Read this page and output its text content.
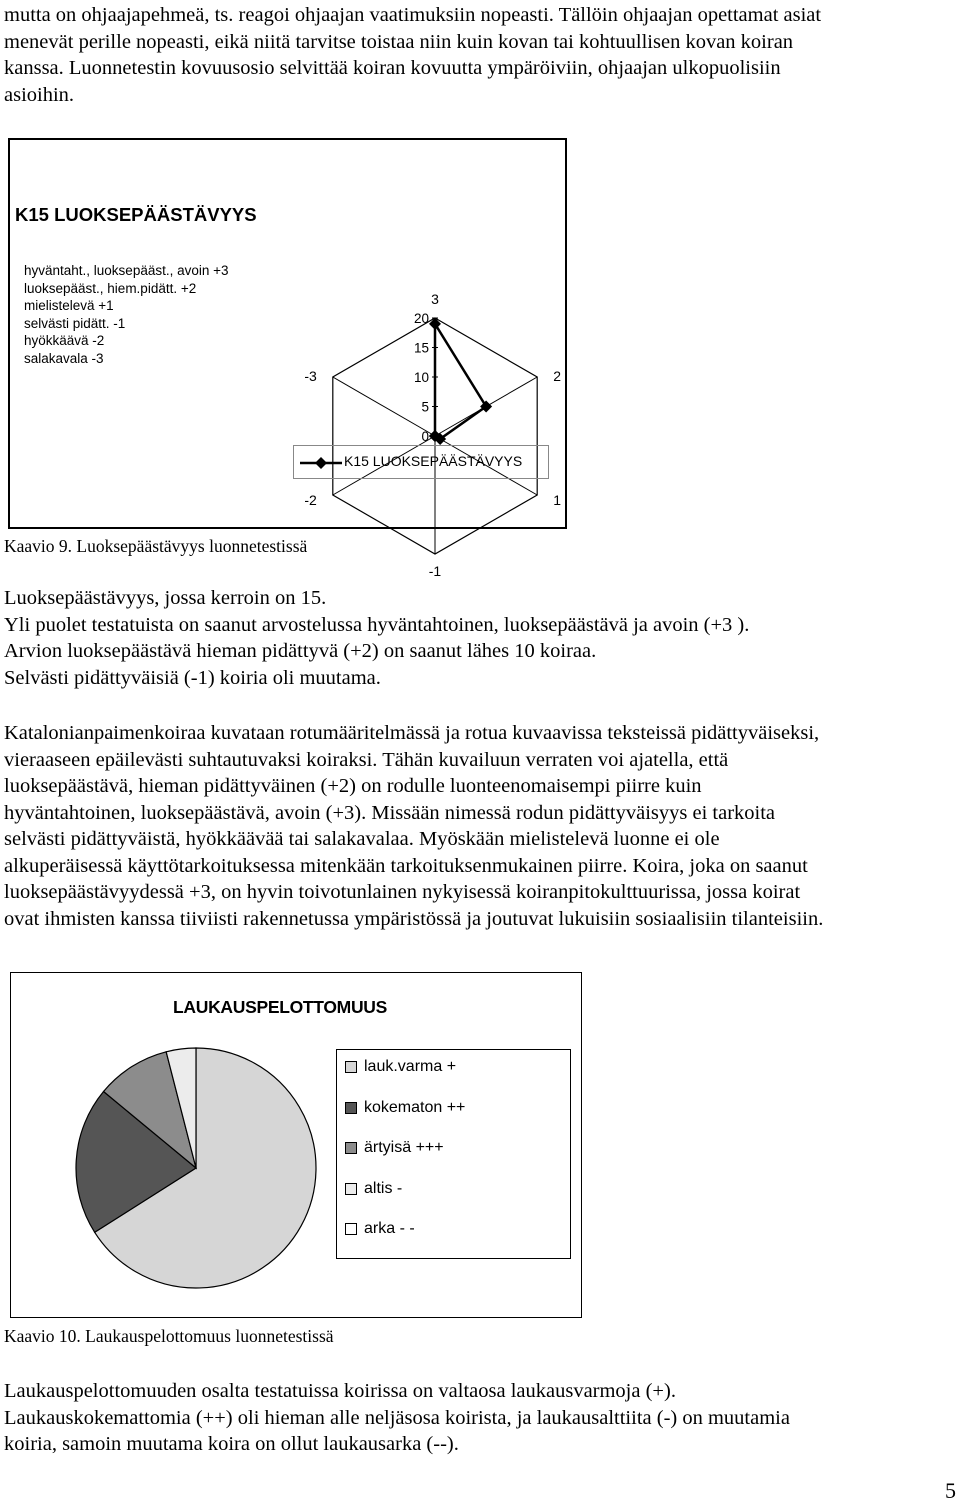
mutta on ohjaajapehmeä, ts. reagoi ohjaajan vaatimuksiin nopeasti. Tällöin ohjaajan opettamat asiat
menevät perille nopeasti, eikä niitä tarvitse toistaa niin kuin kovan tai kohtuullisen kovan koiran
kanssa. Luonnetestin kovuusosio selvittää koiran kovuutta ympäröiviin, ohjaajan ulkopuolisiin
asioihin.
K15 LUOKSEPÄÄSTÄVYYS
hyväntaht., luoksepääst., avoin +3
luoksepääst., hiem.pidätt. +2
mielistelevä +1
selvästi pidätt. -1
hyökkäävä -2
salakavala -3
0
5
10
15
20
3
2
1
-1
-2
-3
K15 LUOKSEPÄÄSTÄVYYS
Kaavio 9. Luoksepäästävyys luonnetestissä
Luoksepäästävyys, jossa kerroin on 15.
Yli puolet testatuista on saanut arvostelussa hyväntahtoinen, luoksepäästävä ja avoin (+3 ).
Arvion luoksepäästävä hieman pidättyvä (+2) on saanut lähes 10 koiraa.
Selvästi pidättyväisiä (-1) koiria oli muutama.
Katalonianpaimenkoiraa kuvataan rotumääritelmässä ja rotua kuvaavissa teksteissä pidättyväiseksi,
vieraaseen epäilevästi suhtautuvaksi koiraksi. Tähän kuvailuun verraten voi ajatella, että
luoksepäästävä, hieman pidättyväinen (+2) on rodulle luonteenomaisempi piirre kuin
hyväntahtoinen, luoksepäästävä, avoin (+3). Missään nimessä rodun pidättyväisyys ei tarkoita
selvästi pidättyväistä, hyökkäävää tai salakavalaa. Myöskään mielistelevä luonne ei ole
alkuperäisessä käyttötarkoituksessa mitenkään tarkoituksenmukainen piirre. Koira, joka on saanut
luoksepäästävyydessä +3, on hyvin toivotunlainen nykyisessä koiranpitokulttuurissa, jossa koirat
ovat ihmisten kanssa tiiviisti rakennetussa ympäristössä ja joutuvat lukuisiin sosiaalisiin tilanteisiin.
LAUKAUSPELOTTOMUUS
lauk.varma +
kokematon ++
ärtyisä +++
altis -
arka - -
Kaavio 10. Laukauspelottomuus luonnetestissä
Laukauspelottomuuden osalta testatuissa koirissa on valtaosa laukausvarmoja (+).
Laukauskokemattomia (++) oli hieman alle neljäsosa koirista, ja laukausalttiita (-) on muutamia
koiria, samoin muutama koira on ollut laukausarka (--).
5
